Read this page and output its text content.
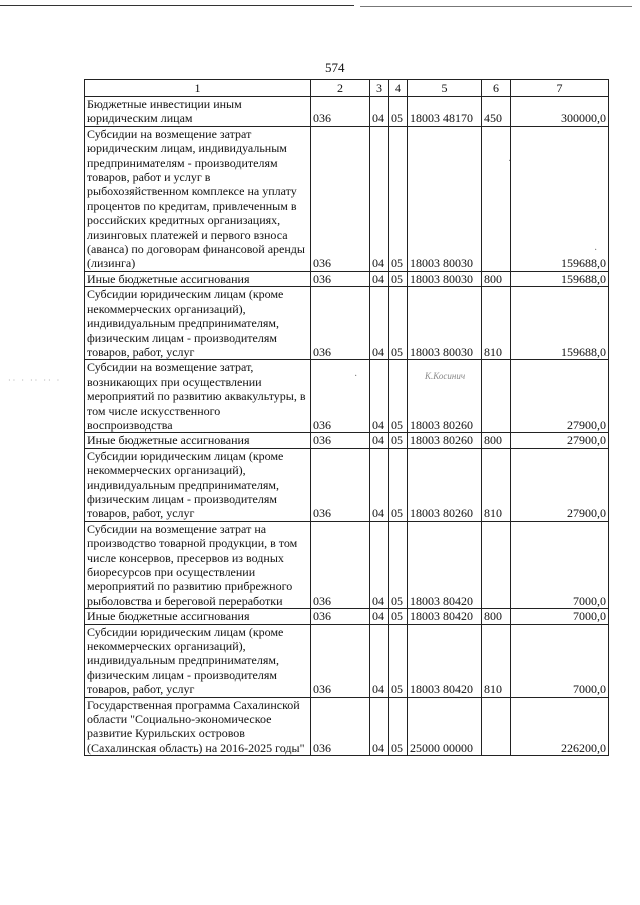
574
·· · ·· ·· ·	К.Косинич
·
·
·
1	2	3	4	5	6	7
Бюджетные инвестиции иным юридическим лицам	036	04	05	18003 48170	450	300000,0
Субсидии на возмещение затрат юридическим лицам, индивидуальным предпринимателям - производителям товаров, работ и услуг в рыбохозяйственном комплексе на уплату процентов по кредитам, привлеченным в российских кредитных организациях, лизинговых платежей и первого взноса (аванса) по договорам финансовой аренды (лизинга)	036	04	05	18003 80030		159688,0
Иные бюджетные ассигнования	036	04	05	18003 80030	800	159688,0
Субсидии юридическим лицам (кроме некоммерческих организаций), индивидуальным предпринимателям, физическим лицам - производителям товаров, работ, услуг	036	04	05	18003 80030	810	159688,0
Субсидии на возмещение затрат, возникающих при осуществлении мероприятий по развитию аквакультуры, в том числе искусственного воспроизводства	036	04	05	18003 80260		27900,0
Иные бюджетные ассигнования	036	04	05	18003 80260	800	27900,0
Субсидии юридическим лицам (кроме некоммерческих организаций), индивидуальным предпринимателям, физическим лицам - производителям товаров, работ, услуг	036	04	05	18003 80260	810	27900,0
Субсидии на возмещение затрат на производство товарной продукции, в том числе консервов, пресервов из водных биоресурсов при осуществлении мероприятий по развитию прибрежного рыболовства и береговой переработки	036	04	05	18003 80420		7000,0
Иные бюджетные ассигнования	036	04	05	18003 80420	800	7000,0
Субсидии юридическим лицам (кроме некоммерческих организаций), индивидуальным предпринимателям, физическим лицам - производителям товаров, работ, услуг	036	04	05	18003 80420	810	7000,0
Государственная программа Сахалинской области "Социально-экономическое развитие Курильских островов (Сахалинская область) на 2016-2025 годы"	036	04	05	25000 00000		226200,0
